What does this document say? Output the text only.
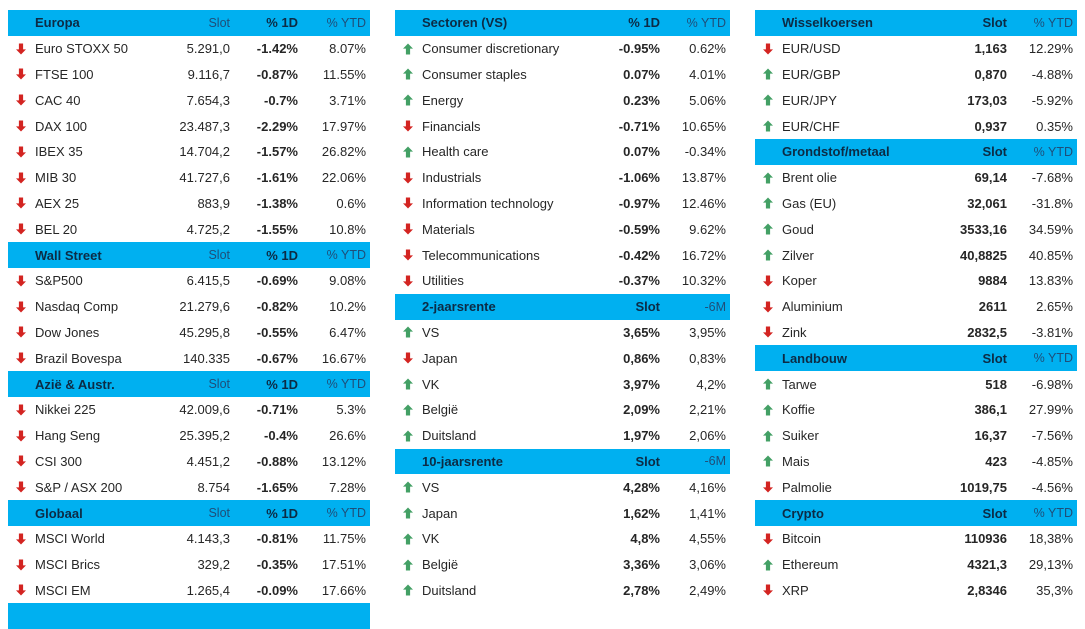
Europa	Slot	% 1D	% YTD
Euro STOXX 50	5.291,0	-1.42%	8.07%
FTSE 100	9.116,7	-0.87%	11.55%
CAC 40	7.654,3	-0.7%	3.71%
DAX 100	23.487,3	-2.29%	17.97%
IBEX 35	14.704,2	-1.57%	26.82%
MIB 30	41.727,6	-1.61%	22.06%
AEX 25	883,9	-1.38%	0.6%
BEL 20	4.725,2	-1.55%	10.8%
Wall Street	Slot	% 1D	% YTD
S&P500	6.415,5	-0.69%	9.08%
Nasdaq Comp	21.279,6	-0.82%	10.2%
Dow Jones	45.295,8	-0.55%	6.47%
Brazil Bovespa	140.335	-0.67%	16.67%
Azië & Austr.	Slot	% 1D	% YTD
Nikkei 225	42.009,6	-0.71%	5.3%
Hang Seng	25.395,2	-0.4%	26.6%
CSI 300	4.451,2	-0.88%	13.12%
S&P / ASX 200	8.754	-1.65%	7.28%
Globaal	Slot	% 1D	% YTD
MSCI World	4.143,3	-0.81%	11.75%
MSCI Brics	329,2	-0.35%	17.51%
MSCI EM	1.265,4	-0.09%	17.66%
Sectoren (VS)	% 1D	% YTD
Consumer discretionary	-0.95%	0.62%
Consumer staples	0.07%	4.01%
Energy	0.23%	5.06%
Financials	-0.71%	10.65%
Health care	0.07%	-0.34%
Industrials	-1.06%	13.87%
Information technology	-0.97%	12.46%
Materials	-0.59%	9.62%
Telecommunications	-0.42%	16.72%
Utilities	-0.37%	10.32%
2-jaarsrente	Slot	-6M
VS	3,65%	3,95%
Japan	0,86%	0,83%
VK	3,97%	4,2%
België	2,09%	2,21%
Duitsland	1,97%	2,06%
10-jaarsrente	Slot	-6M
VS	4,28%	4,16%
Japan	1,62%	1,41%
VK	4,8%	4,55%
België	3,36%	3,06%
Duitsland	2,78%	2,49%
Wisselkoersen	Slot	% YTD
EUR/USD	1,163	12.29%
EUR/GBP	0,870	-4.88%
EUR/JPY	173,03	-5.92%
EUR/CHF	0,937	0.35%
Grondstof/metaal	Slot	% YTD
Brent olie	69,14	-7.68%
Gas (EU)	32,061	-31.8%
Goud	3533,16	34.59%
Zilver	40,8825	40.85%
Koper	9884	13.83%
Aluminium	2611	2.65%
Zink	2832,5	-3.81%
Landbouw	Slot	% YTD
Tarwe	518	-6.98%
Koffie	386,1	27.99%
Suiker	16,37	-7.56%
Mais	423	-4.85%
Palmolie	1019,75	-4.56%
Crypto	Slot	% YTD
Bitcoin	110936	18,38%
Ethereum	4321,3	29,13%
XRP	2,8346	35,3%
